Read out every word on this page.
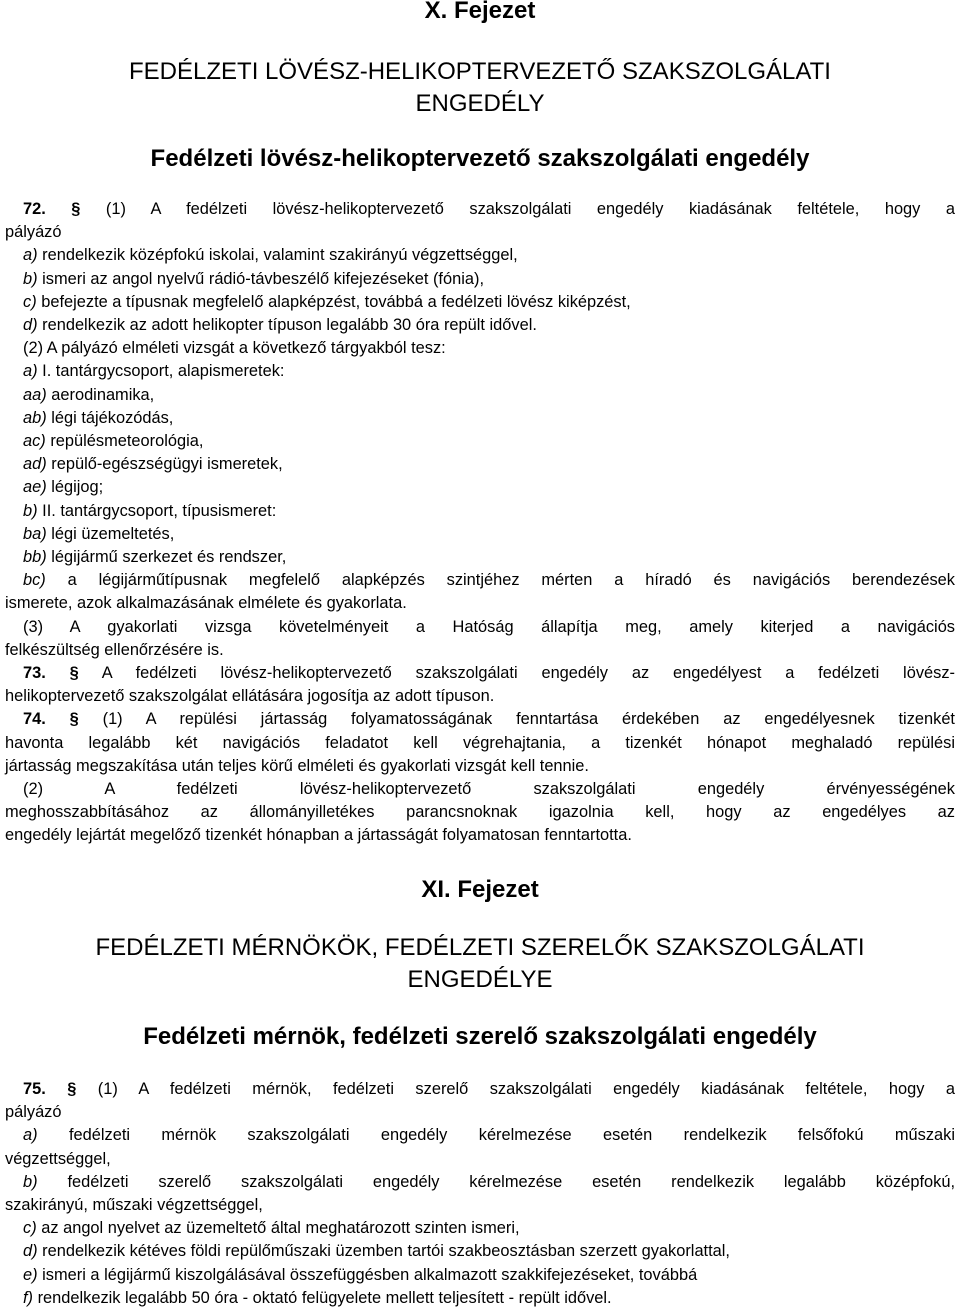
X. Fejezet
FEDÉLZETI LÖVÉSZ-HELIKOPTERVEZETŐ SZAKSZOLGÁLATI
ENGEDÉLY
Fedélzeti lövész-helikoptervezető szakszolgálati engedély
72. § (1) A fedélzeti lövész-helikoptervezető szakszolgálati engedély kiadásának feltétele, hogy a
pályázó
a) rendelkezik középfokú iskolai, valamint szakirányú végzettséggel,
b) ismeri az angol nyelvű rádió-távbeszélő kifejezéseket (fónia),
c) befejezte a típusnak megfelelő alapképzést, továbbá a fedélzeti lövész kiképzést,
d) rendelkezik az adott helikopter típuson legalább 30 óra repült idővel.
(2) A pályázó elméleti vizsgát a következő tárgyakból tesz:
a) I. tantárgycsoport, alapismeretek:
aa) aerodinamika,
ab) légi tájékozódás,
ac) repülésmeteorológia,
ad) repülő-egészségügyi ismeretek,
ae) légijog;
b) II. tantárgycsoport, típusismeret:
ba) légi üzemeltetés,
bb) légijármű szerkezet és rendszer,
bc) a légijárműtípusnak megfelelő alapképzés szintjéhez mérten a híradó és navigációs berendezések
ismerete, azok alkalmazásának elmélete és gyakorlata.
(3) A gyakorlati vizsga követelményeit a Hatóság állapítja meg, amely kiterjed a navigációs
felkészültség ellenőrzésére is.
73. § A fedélzeti lövész-helikoptervezető szakszolgálati engedély az engedélyest a fedélzeti lövész-
helikoptervezető szakszolgálat ellátására jogosítja az adott típuson.
74. § (1) A repülési jártasság folyamatosságának fenntartása érdekében az engedélyesnek tizenkét
havonta legalább két navigációs feladatot kell végrehajtania, a tizenkét hónapot meghaladó repülési
jártasság megszakítása után teljes körű elméleti és gyakorlati vizsgát kell tennie.
(2) A fedélzeti lövész-helikoptervezető szakszolgálati engedély érvényességének
meghosszabbításához az állományilletékes parancsnoknak igazolnia kell, hogy az engedélyes az
engedély lejártát megelőző tizenkét hónapban a jártasságát folyamatosan fenntartotta.
XI. Fejezet
FEDÉLZETI MÉRNÖKÖK, FEDÉLZETI SZERELŐK SZAKSZOLGÁLATI
ENGEDÉLYE
Fedélzeti mérnök, fedélzeti szerelő szakszolgálati engedély
75. § (1) A fedélzeti mérnök, fedélzeti szerelő szakszolgálati engedély kiadásának feltétele, hogy a
pályázó
a) fedélzeti mérnök szakszolgálati engedély kérelmezése esetén rendelkezik felsőfokú műszaki
végzettséggel,
b) fedélzeti szerelő szakszolgálati engedély kérelmezése esetén rendelkezik legalább középfokú,
szakirányú, műszaki végzettséggel,
c) az angol nyelvet az üzemeltető által meghatározott szinten ismeri,
d) rendelkezik kétéves földi repülőműszaki üzemben tartói szakbeosztásban szerzett gyakorlattal,
e) ismeri a légijármű kiszolgálásával összefüggésben alkalmazott szakkifejezéseket, továbbá
f) rendelkezik legalább 50 óra - oktató felügyelete mellett teljesített - repült idővel.
